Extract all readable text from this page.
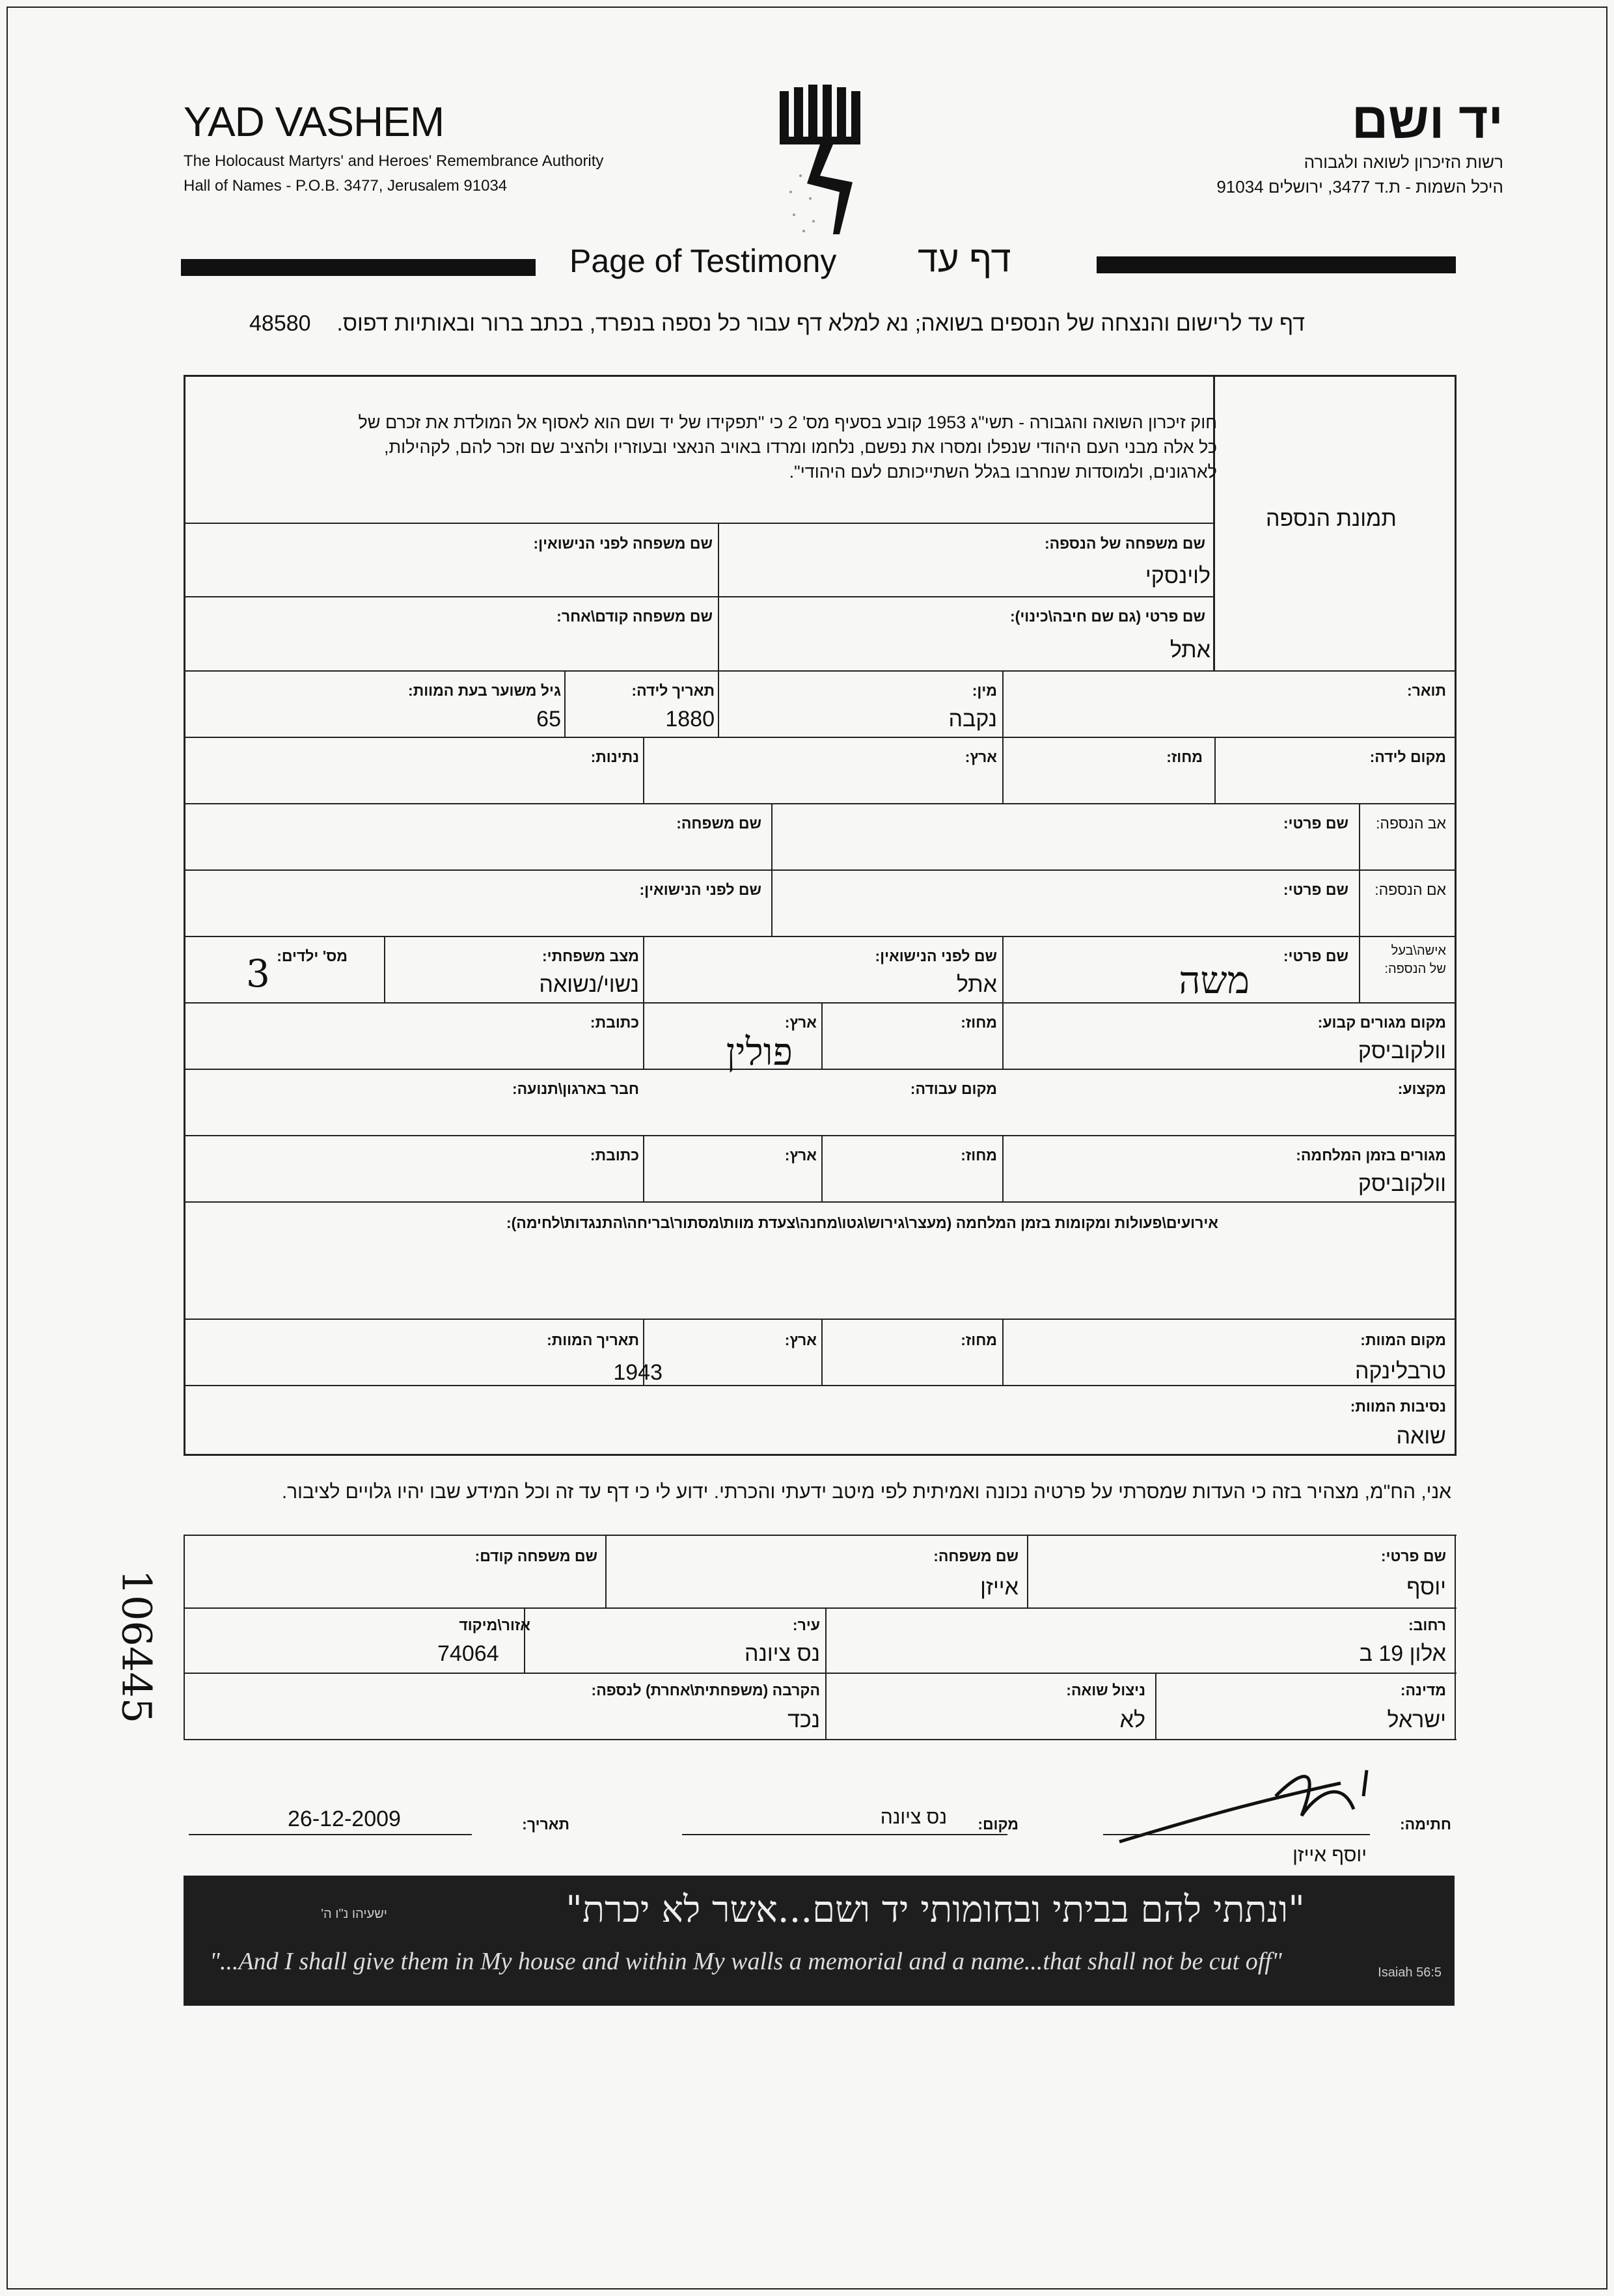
YAD VASHEM
The Holocaust Martyrs' and Heroes' Remembrance Authority
Hall of Names - P.O.B. 3477, Jerusalem 91034
יד ושם
רשות הזיכרון לשואה ולגבורה
היכל השמות - ת.ד 3477, ירושלים 91034
Page of Testimony דף עד
דף עד לרישום והנצחה של הנספים בשואה; נא למלא דף עבור כל נספה בנפרד, בכתב ברור ובאותיות דפוס.
48580
חוק זיכרון השואה והגבורה - תשי"ג 1953 קובע בסעיף מס' 2 כי "תפקידו של יד ושם הוא לאסוף אל המולדת את זכרם של כל אלה מבני העם היהודי שנפלו ומסרו את נפשם, נלחמו ומרדו באויב הנאצי ובעוזריו ולהציב שם וזכר להם, לקהילות, לארגונים, ולמוסדות שנחרבו בגלל השתייכותם לעם היהודי".
תמונת הנספה
שם משפחה של הנספה:
לוינסקי
שם משפחה לפני הנישואין:
שם פרטי (גם שם חיבה\כינוי):
אתל
שם משפחה קודם\אחר:
תואר:
מין:
נקבה
תאריך לידה:
1880
גיל משוער בעת המוות:
65
מקום לידה:
מחוז:
ארץ:
נתינות:
אב הנספה:
שם פרטי:
שם משפחה:
אם הנספה:
שם פרטי:
שם לפני הנישואין:
אישה\בעל
של הנספה:
שם פרטי:
משה
שם לפני הנישואין:
אתל
מצב משפחתי:
נשוי/נשואה
מס' ילדים:
3
מקום מגורים קבוע:
וולקוביסק
מחוז:
ארץ:
פולין
כתובת:
מקצוע:
מקום עבודה:
חבר בארגון\תנועה:
מגורים בזמן המלחמה:
וולקוביסק
מחוז:
ארץ:
כתובת:
אירועים\פעולות ומקומות בזמן המלחמה (מעצר\גירוש\גטו\מחנה\צעדת מוות\מסתור\בריחה\התנגדות\לחימה):
מקום המוות:
טרבלינקה
מחוז:
ארץ:
תאריך המוות:
1943
נסיבות המוות:
שואה
אני, הח"מ, מצהיר בזה כי העדות שמסרתי על פרטיה נכונה ואמיתית לפי מיטב ידעתי והכרתי. ידוע לי כי דף עד זה וכל המידע שבו יהיו גלויים לציבור.
שם פרטי:
יוסף
שם משפחה:
אייזן
שם משפחה קודם:
רחוב:
אלון 19 ב
עיר:
נס ציונה
אזור\מיקוד
74064
מדינה:
ישראל
ניצול שואה:
לא
הקרבה (משפחתית\אחרת) לנספה:
נכד
חתימה:
יוסף אייזן
מקום:
נס ציונה
תאריך:
26-12-2009
ישעיהו נ"ו ה'	"ונתתי להם בביתי ובחומותי יד ושם...אשר לא יכרת"
"...And I shall give them in My house and within My walls a memorial and a name...that shall not be cut off"	Isaiah 56:5
106445
